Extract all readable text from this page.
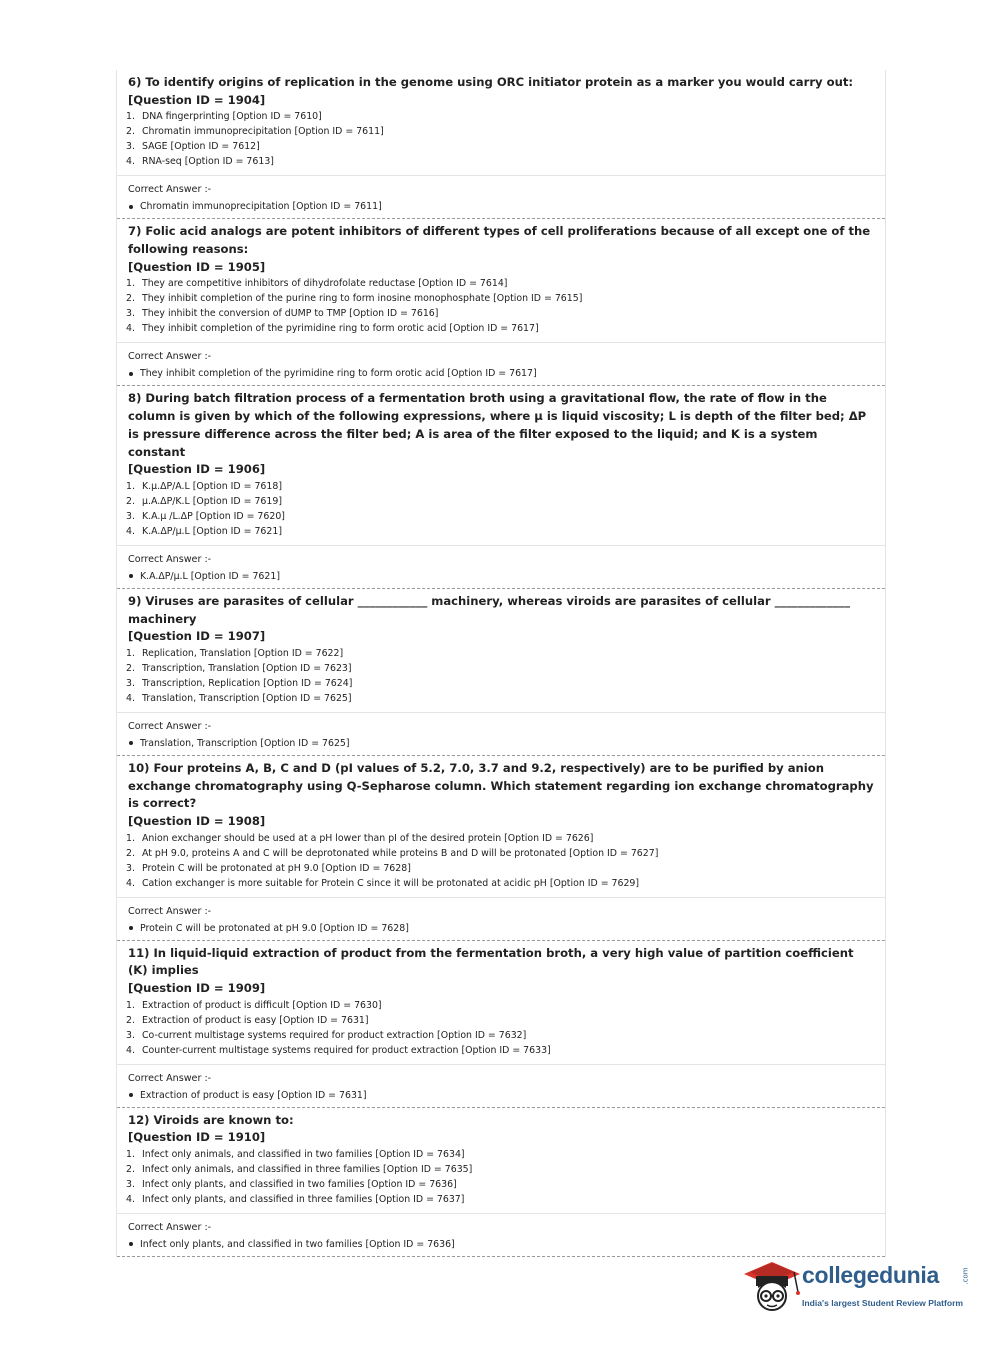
6) To identify origins of replication in the genome using ORC initiator protein as a marker you would carry out:

[Question ID = 1904]
1. DNA fingerprinting [Option ID = 7610]
2. Chromatin immunoprecipitation [Option ID = 7611]
3. SAGE [Option ID = 7612]
4. RNA-seq [Option ID = 7613]
Correct Answer :-
Chromatin immunoprecipitation [Option ID = 7611]

7) Folic acid analogs are potent inhibitors of different types of cell proliferations because of all except one of the following reasons:

[Question ID = 1905]
1. They are competitive inhibitors of dihydrofolate reductase [Option ID = 7614]
2. They inhibit completion of the purine ring to form inosine monophosphate [Option ID = 7615]
3. They inhibit the conversion of dUMP to TMP [Option ID = 7616]
4. They inhibit completion of the pyrimidine ring to form orotic acid [Option ID = 7617]
Correct Answer :-
They inhibit completion of the pyrimidine ring to form orotic acid [Option ID = 7617]

8) During batch filtration process of a fermentation broth using a gravitational flow, the rate of flow in the column is given by which of the following expressions, where μ is liquid viscosity; L is depth of the filter bed; ΔP is pressure difference across the filter bed; A is area of the filter exposed to the liquid; and K is a system constant

[Question ID = 1906]
1. K.μ.ΔP/A.L [Option ID = 7618]
2. μ.A.ΔP/K.L [Option ID = 7619]
3. K.A.μ /L.ΔP [Option ID = 7620]
4. K.A.ΔP/μ.L [Option ID = 7621]
Correct Answer :-
K.A.ΔP/μ.L [Option ID = 7621]

9) Viruses are parasites of cellular ____________ machinery, whereas viroids are parasites of cellular _____________ machinery

[Question ID = 1907]
1. Replication, Translation [Option ID = 7622]
2. Transcription, Translation [Option ID = 7623]
3. Transcription, Replication [Option ID = 7624]
4. Translation, Transcription [Option ID = 7625]
Correct Answer :-
Translation, Transcription [Option ID = 7625]

10) Four proteins A, B, C and D (pI values of 5.2, 7.0, 3.7 and 9.2, respectively) are to be purified by anion exchange chromatography using Q-Sepharose column. Which statement regarding ion exchange chromatography is correct?

[Question ID = 1908]
1. Anion exchanger should be used at a pH lower than pI of the desired protein [Option ID = 7626]
2. At pH 9.0, proteins A and C will be deprotonated while proteins B and D will be protonated [Option ID = 7627]
3. Protein C will be protonated at pH 9.0 [Option ID = 7628]
4. Cation exchanger is more suitable for Protein C since it will be protonated at acidic pH [Option ID = 7629]
Correct Answer :-
Protein C will be protonated at pH 9.0 [Option ID = 7628]

11) In liquid-liquid extraction of product from the fermentation broth, a very high value of partition coefficient (K) implies

[Question ID = 1909]
1. Extraction of product is difficult [Option ID = 7630]
2. Extraction of product is easy [Option ID = 7631]
3. Co-current multistage systems required for product extraction [Option ID = 7632]
4. Counter-current multistage systems required for product extraction [Option ID = 7633]
Correct Answer :-
Extraction of product is easy [Option ID = 7631]

12) Viroids are known to:

[Question ID = 1910]
1. Infect only animals, and classified in two families [Option ID = 7634]
2. Infect only animals, and classified in three families [Option ID = 7635]
3. Infect only plants, and classified in two families [Option ID = 7636]
4. Infect only plants, and classified in three families [Option ID = 7637]
Correct Answer :-
Infect only plants, and classified in two families [Option ID = 7636]
collegedunia	.com
India's largest Student Review Platform
